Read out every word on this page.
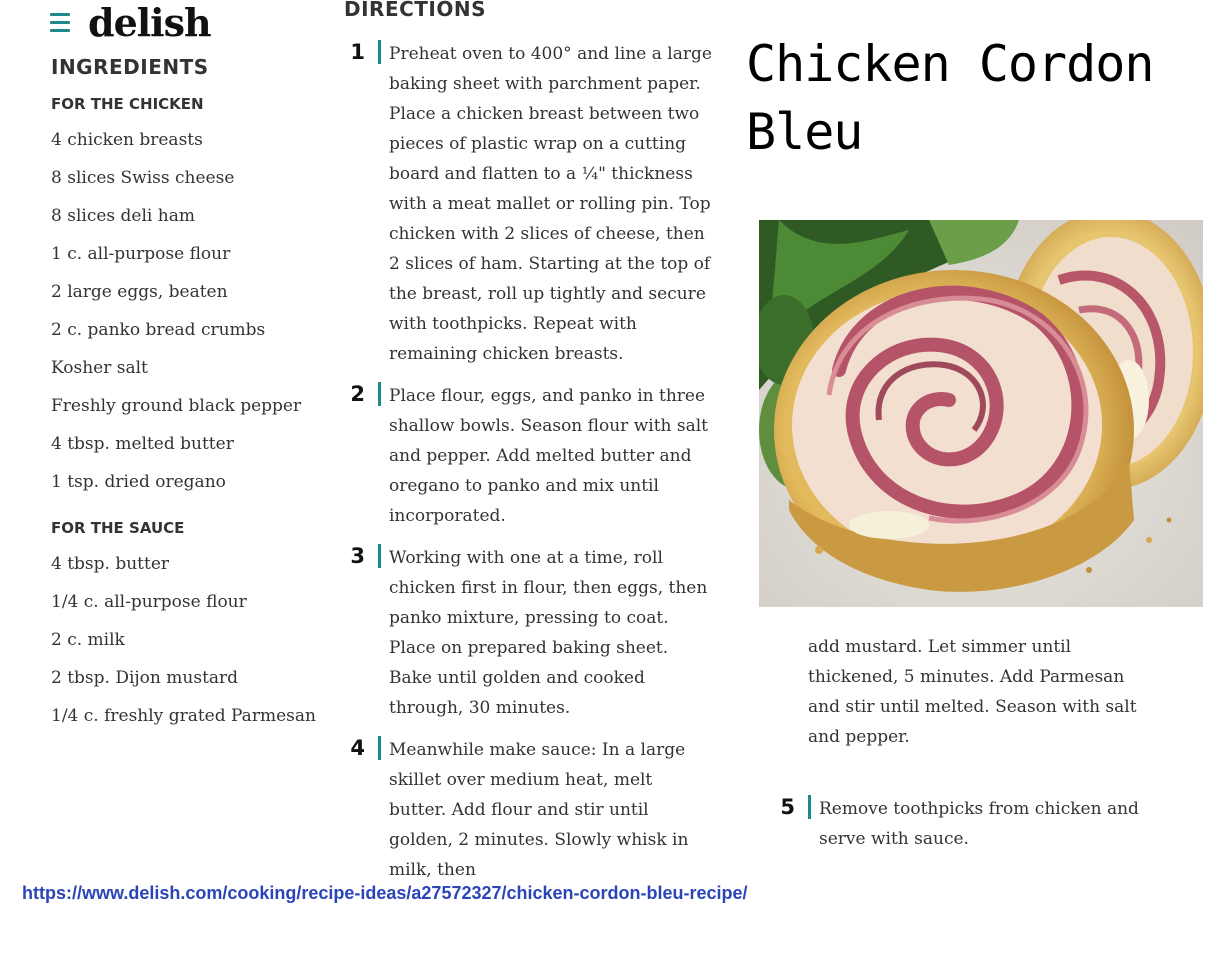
delish
INGREDIENTS
FOR THE CHICKEN
4 chicken breasts
8 slices Swiss cheese
8 slices deli ham
1 c. all-purpose flour
2 large eggs, beaten
2 c. panko bread crumbs
Kosher salt
Freshly ground black pepper
4 tbsp. melted butter
1 tsp. dried oregano
FOR THE SAUCE
4 tbsp. butter
1/4 c. all-purpose flour
2 c. milk
2 tbsp. Dijon mustard
1/4 c. freshly grated Parmesan
DIRECTIONS
1 Preheat oven to 400° and line a large baking sheet with parchment paper. Place a chicken breast between two pieces of plastic wrap on a cutting board and flatten to a ¼" thickness with a meat mallet or rolling pin. Top chicken with 2 slices of cheese, then 2 slices of ham. Starting at the top of the breast, roll up tightly and secure with toothpicks. Repeat with remaining chicken breasts.

2 Place flour, eggs, and panko in three shallow bowls. Season flour with salt and pepper. Add melted butter and oregano to panko and mix until incorporated.

3 Working with one at a time, roll chicken first in flour, then eggs, then panko mixture, pressing to coat. Place on prepared baking sheet. Bake until golden and cooked through, 30 minutes.

4 Meanwhile make sauce: In a large skillet over medium heat, melt butter. Add flour and stir until golden, 2 minutes. Slowly whisk in milk, then

add mustard. Let simmer until thickened, 5 minutes. Add Parmesan and stir until melted. Season with salt and pepper.

5 Remove toothpicks from chicken and serve with sauce.

Chicken Cordon Bleu
https://www.delish.com/cooking/recipe-ideas/a27572327/chicken-cordon-bleu-recipe/
